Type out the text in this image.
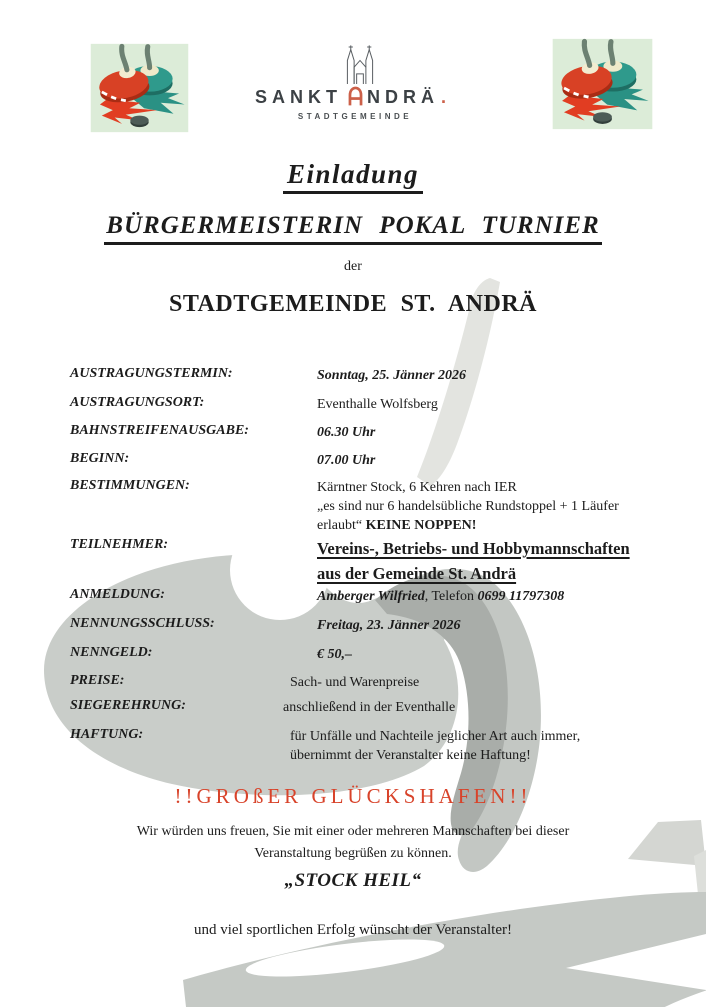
SANKT NDRÄ .
STADTGEMEINDE
Einladung
BÜRGERMEISTERIN POKAL TURNIER
der
STADTGEMEINDE ST. ANDRÄ
AUSTRAGUNGSTERMIN:	Sonntag, 25. Jänner 2026
AUSTRAGUNGSORT:	Eventhalle Wolfsberg
BAHNSTREIFENAUSGABE:	06.30 Uhr
BEGINN:	07.00 Uhr
BESTIMMUNGEN:	Kärntner Stock, 6 Kehren nach IER
„es sind nur 6 handelsübliche Rundstoppel + 1 Läufer
erlaubt“ KEINE NOPPEN!
TEILNEHMER:	Vereins-, Betriebs- und Hobbymannschaften
aus der Gemeinde St. Andrä
ANMELDUNG:	Amberger Wilfried, Telefon 0699 11797308
NENNUNGSSCHLUSS:	Freitag, 23. Jänner 2026
NENNGELD:	€ 50,–
PREISE:	Sach- und Warenpreise
SIEGEREHRUNG:	anschließend in der Eventhalle
HAFTUNG:	für Unfälle und Nachteile jeglicher Art auch immer,
übernimmt der Veranstalter keine Haftung!
!!GROßER GLÜCKSHAFEN!!
Wir würden uns freuen, Sie mit einer oder mehreren Mannschaften bei dieser
Veranstaltung begrüßen zu können.
„STOCK HEIL“
und viel sportlichen Erfolg wünscht der Veranstalter!
